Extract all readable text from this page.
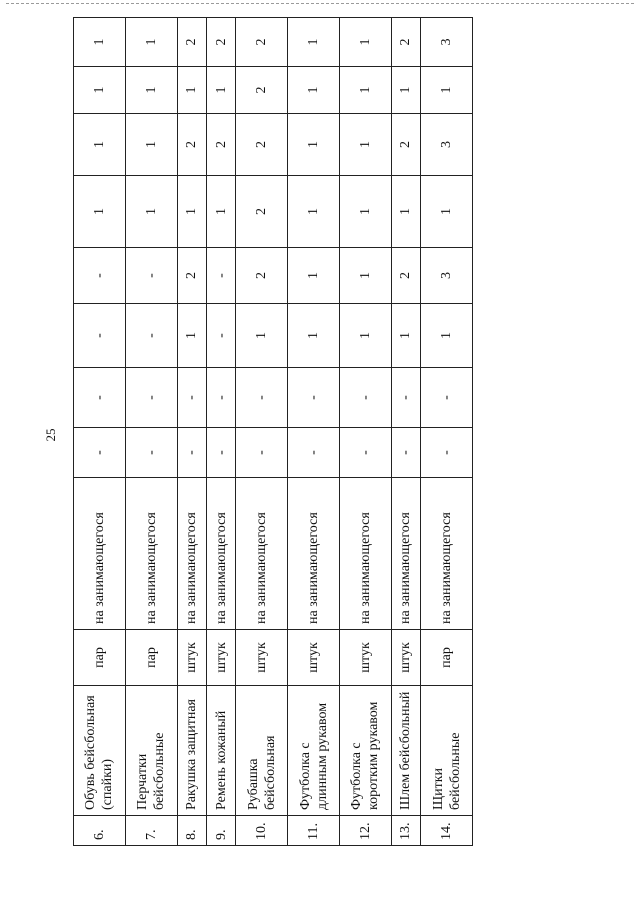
25
6.	Обувь бейсбольная (спайки)	пар	на занимающегося	-	-	-	-	1	1	1	1
7.	Перчатки бейсбольные	пар	на занимающегося	-	-	-	-	1	1	1	1
8.	Ракушка защитная	штук	на занимающегося	-	-	1	2	1	2	1	2
9.	Ремень кожаный	штук	на занимающегося	-	-	-	-	1	2	1	2
10.	Рубашка бейсбольная	штук	на занимающегося	-	-	1	2	2	2	2	2
11.	Футболка с длинным рукавом	штук	на занимающегося	-	-	1	1	1	1	1	1
12.	Футболка с коротким рукавом	штук	на занимающегося	-	-	1	1	1	1	1	1
13.	Шлем бейсбольный	штук	на занимающегося	-	-	1	2	1	2	1	2
14.	Щитки бейсбольные	пар	на занимающегося	-	-	1	3	1	3	1	3
